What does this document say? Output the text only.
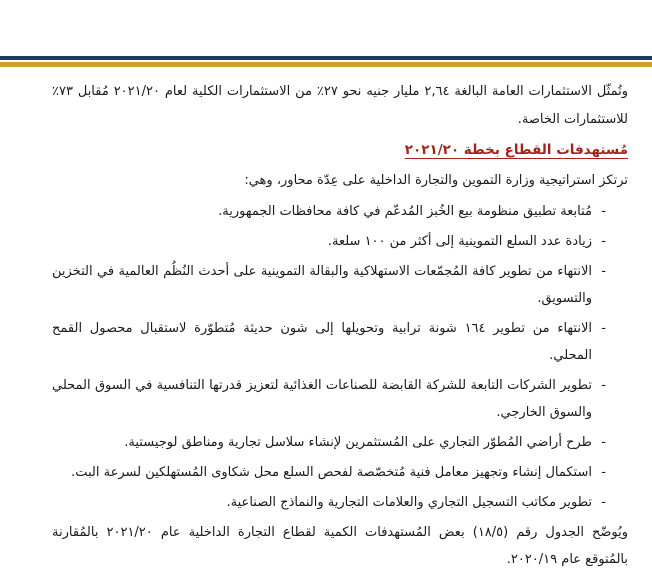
وتُمثّل الاستثمارات العامة البالغة ٢,٦٤ مليار جنيه نحو ٢٧٪ من الاستثمارات الكلية لعام ٢٠٢١/٢٠ مُقابل ٧٣٪ للاستثمارات الخاصة.

مُستهدفات القطاع بخطة ٢٠٢١/٢٠

ترتكز استراتيجية وزارة التموين والتجارة الداخلية على عِدّة محاور، وهي:

-
مُتابعة تطبيق منظومة بيع الخُبز المُدعّم في كافة محافظات الجمهورية.
-
زيادة عدد السلع التموينية إلى أكثر من ١٠٠ سلعة.
-
الانتهاء من تطوير كافة المُجمّعات الاستهلاكية والبقالة التموينية على أحدث النُظُم العالمية في التخزين والتسويق.
-
الانتهاء من تطوير ١٦٤ شونة ترابية وتحويلها إلى شون حديثة مُتطوّرة لاستقبال محصول القمح المحلي.
-
تطوير الشركات التابعة للشركة القابضة للصناعات الغذائية لتعزيز قدرتها التنافسية في السوق المحلي والسوق الخارجي.
-
طرح أراضي المُطوّر التجاري على المُستثمرين لإنشاء سلاسل تجارية ومناطق لوجيستية.
-
استكمال إنشاء وتجهيز معامل فنية مُتخصّصة لفحص السلع محل شكاوى المُستهلكين لسرعة البت.
-
تطوير مكاتب التسجيل التجاري والعلامات التجارية والنماذج الصناعية.

ويُوضّح الجدول رقم (١٨/٥) بعض المُستهدفات الكمية لقطاع التجارة الداخلية عام ٢٠٢١/٢٠ بالمُقارنة بالمُتوقع عام ٢٠٢٠/١٩.
